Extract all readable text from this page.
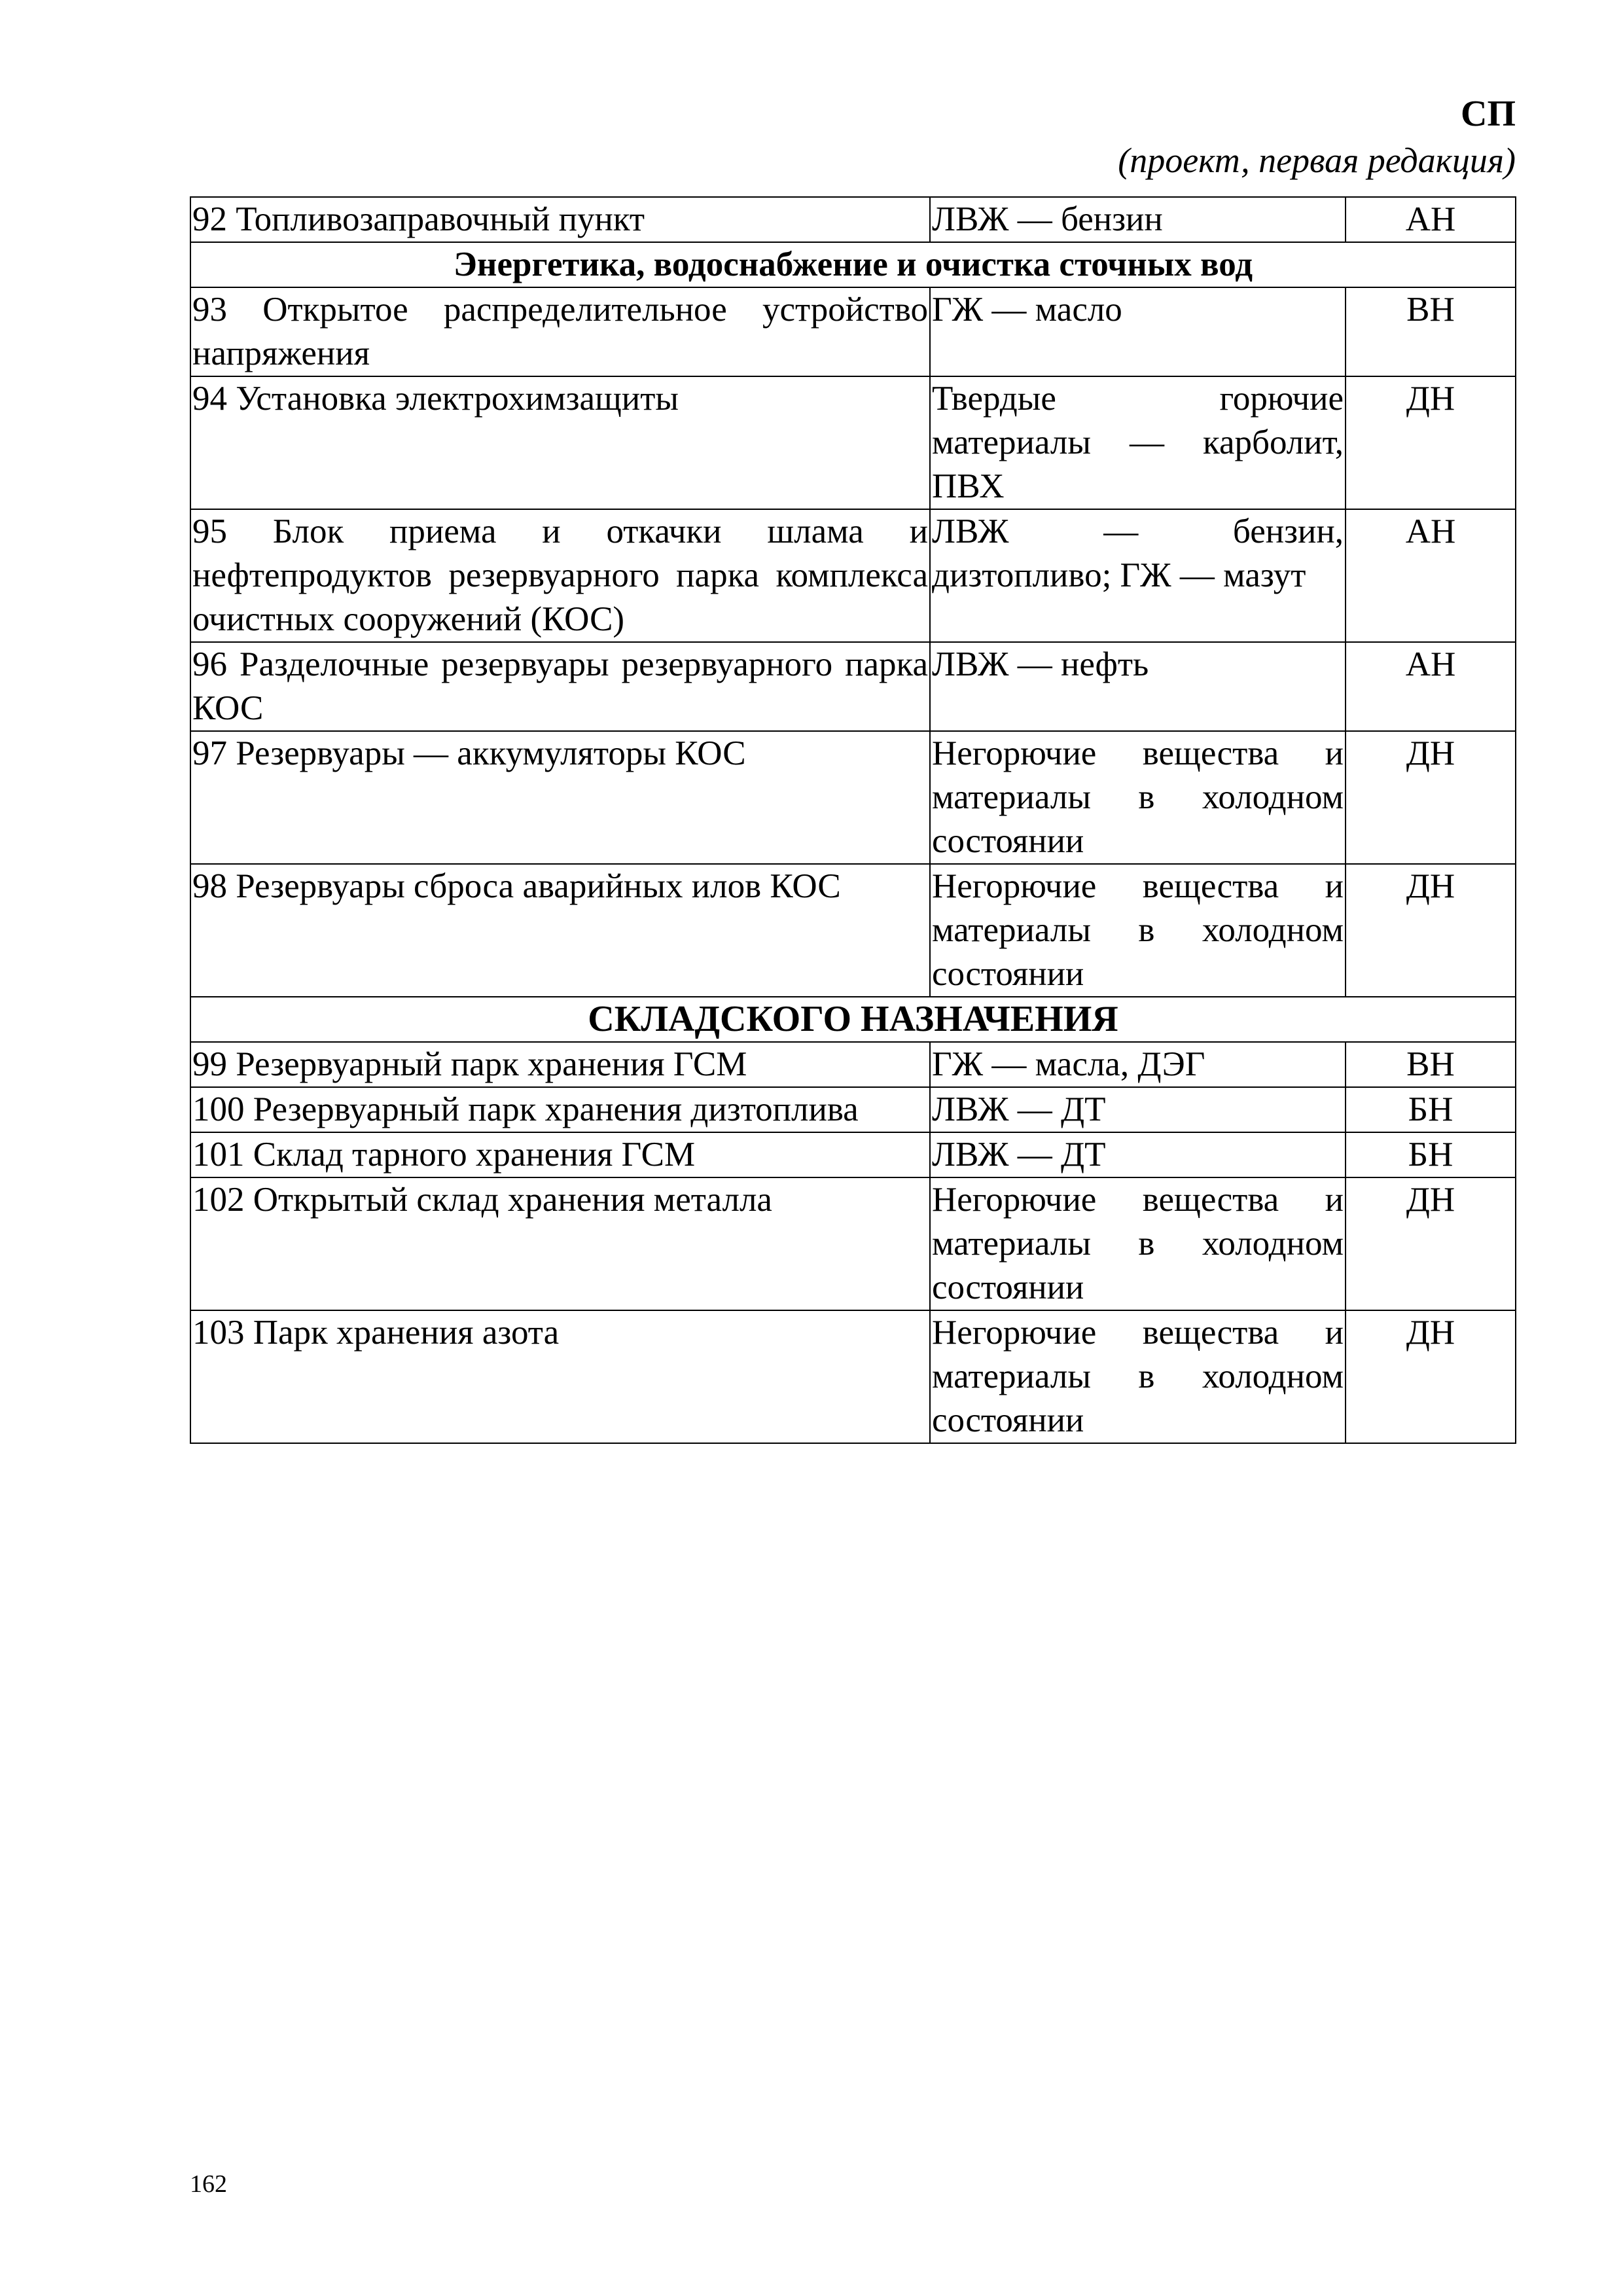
СП
(проект, первая редакция)
92 Топливозаправочный пункт	ЛВЖ — бензин	АН
Энергетика, водоснабжение и очистка сточных вод		
93 Открытое распределительное устройство напряжения	ГЖ — масло	ВН
94 Установка электрохимзащиты	Твердые горючие материалы — карболит, ПВХ	ДН
95 Блок приема и откачки шлама и нефтепродуктов резервуарного парка комплекса очистных сооружений (КОС)	ЛВЖ — бензин, дизтопливо; ГЖ — мазут	АН
96 Разделочные резервуары резервуарного парка КОС	ЛВЖ — нефть	АН
97 Резервуары — аккумуляторы КОС	Негорючие вещества и материалы в холодном состоянии	ДН
98 Резервуары сброса аварийных илов КОС	Негорючие вещества и материалы в холодном состоянии	ДН
СКЛАДСКОГО НАЗНАЧЕНИЯ		
99 Резервуарный парк хранения ГСМ	ГЖ — масла, ДЭГ	ВН
100 Резервуарный парк хранения дизтоплива	ЛВЖ — ДТ	БН
101 Склад тарного хранения ГСМ	ЛВЖ — ДТ	БН
102 Открытый склад хранения металла	Негорючие вещества и материалы в холодном состоянии	ДН
103 Парк хранения азота	Негорючие вещества и материалы в холодном состоянии	ДН
162
